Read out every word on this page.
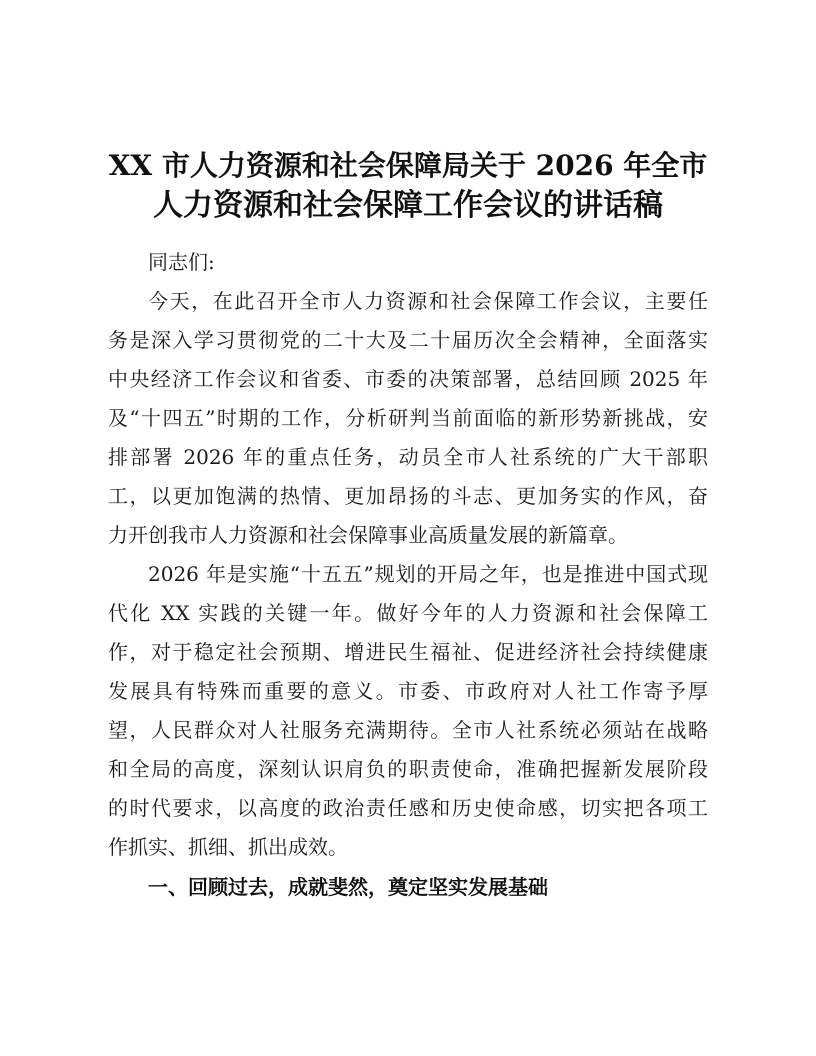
XX 市人力资源和社会保障局关于 2026 年全市
人力资源和社会保障工作会议的讲话稿

同志们:

今天，在此召开全市人力资源和社会保障工作会议，主要任

务是深入学习贯彻党的二十大及二十届历次全会精神，全面落实

中央经济工作会议和省委、市委的决策部署，总结回顾 2025 年

及“十四五”时期的工作，分析研判当前面临的新形势新挑战，安

排部署 2026 年的重点任务，动员全市人社系统的广大干部职

工，以更加饱满的热情、更加昂扬的斗志、更加务实的作风，奋

力开创我市人力资源和社会保障事业高质量发展的新篇章。

2026 年是实施“十五五”规划的开局之年，也是推进中国式现

代化 XX 实践的关键一年。做好今年的人力资源和社会保障工

作，对于稳定社会预期、增进民生福祉、促进经济社会持续健康

发展具有特殊而重要的意义。市委、市政府对人社工作寄予厚

望，人民群众对人社服务充满期待。全市人社系统必须站在战略

和全局的高度，深刻认识肩负的职责使命，准确把握新发展阶段

的时代要求，以高度的政治责任感和历史使命感，切实把各项工

作抓实、抓细、抓出成效。

一、回顾过去，成就斐然，奠定坚实发展基础
